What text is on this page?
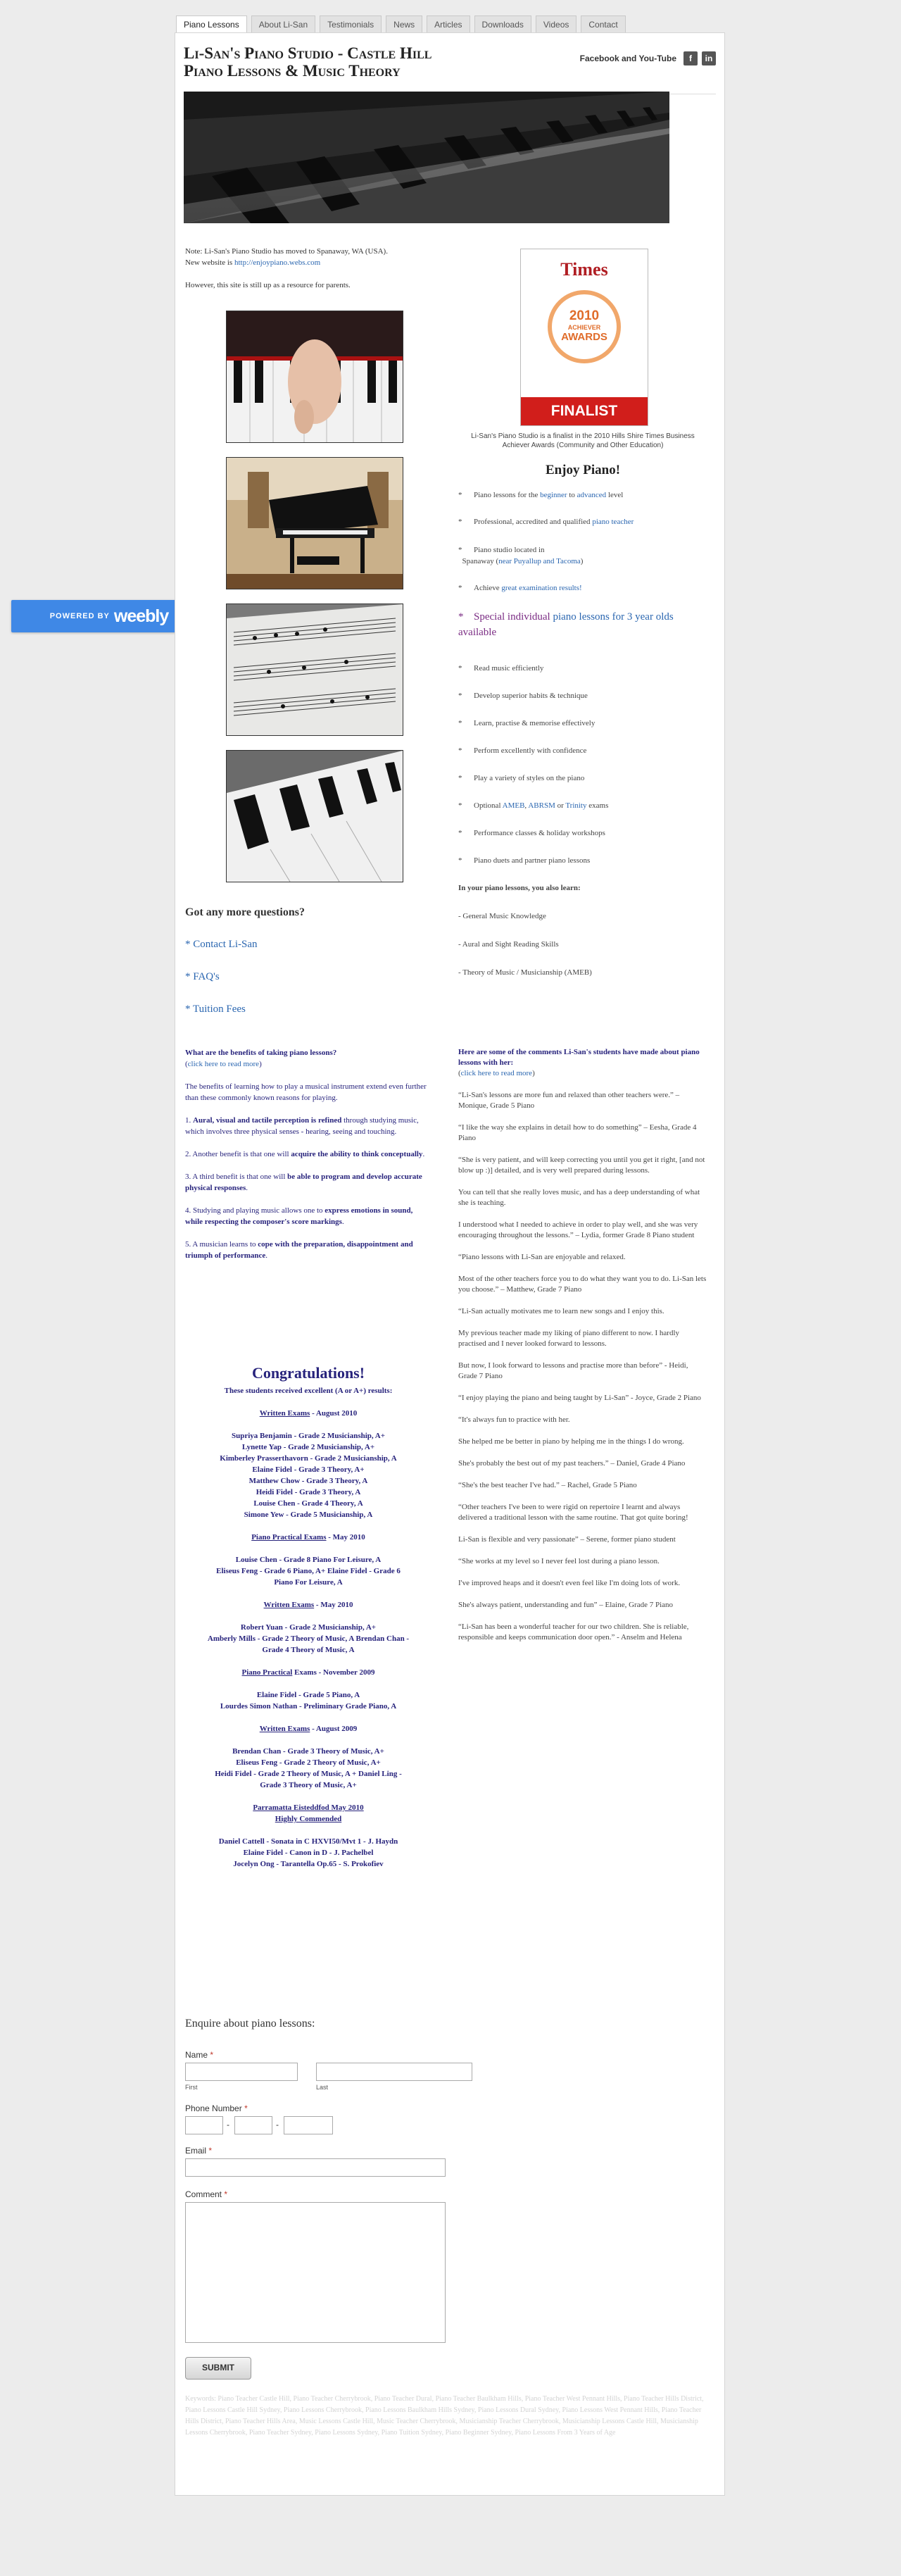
POWERED BY weebly
Piano Lessons	About Li-San	Testimonials	News	Articles	Downloads	Videos	Contact
Li-San's Piano Studio - Castle Hill
Piano Lessons & Music Theory
Facebook and You-Tube	f	in
Note: Li-San's Piano Studio has moved to Spanaway, WA (USA).
New website is http://enjoypiano.webs.com
However, this site is still up as a resource for parents.
Times
2010
ACHIEVER
AWARDS
FINALIST
Li-San's Piano Studio is a finalist in the 2010 Hills Shire Times Business Achiever Awards (Community and Other Education)
Enjoy Piano!
* Piano lessons for the beginner to advanced level
* Professional, accredited and qualified piano teacher
* Piano studio located in
Spanaway (near Puyallup and Tacoma)
* Achieve great examination results!
* Special individual piano lessons for 3 year olds available
* Read music efficiently
* Develop superior habits & technique
* Learn, practise & memorise effectively
* Perform excellently with confidence
* Play a variety of styles on the piano
* Optional AMEB, ABRSM or Trinity exams
* Performance classes & holiday workshops
* Piano duets and partner piano lessons
In your piano lessons, you also learn:
- General Music Knowledge
- Aural and Sight Reading Skills
- Theory of Music / Musicianship (AMEB)
Got any more questions?
* Contact Li-San
* FAQ's
* Tuition Fees
What are the benefits of taking piano lessons?
(click here to read more)
The benefits of learning how to play a musical instrument extend even further than these commonly known reasons for playing.
1. Aural, visual and tactile perception is refined through studying music, which involves three physical senses - hearing, seeing and touching.
2. Another benefit is that one will acquire the ability to think conceptually.
3. A third benefit is that one will be able to program and develop accurate physical responses.
4. Studying and playing music allows one to express emotions in sound, while respecting the composer's score markings.
5. A musician learns to cope with the preparation, disappointment and triumph of performance.
Congratulations!
These students received excellent (A or A+) results:
Written Exams - August 2010
Supriya Benjamin - Grade 2 Musicianship, A+
Lynette Yap - Grade 2 Musicianship, A+
Kimberley Prasserthavorn - Grade 2 Musicianship, A
Elaine Fidel - Grade 3 Theory, A+
Matthew Chow - Grade 3 Theory, A
Heidi Fidel - Grade 3 Theory, A
Louise Chen - Grade 4 Theory, A
Simone Yew - Grade 5 Musicianship, A
Piano Practical Exams - May 2010
Louise Chen - Grade 8 Piano For Leisure, A
Eliseus Feng - Grade 6 Piano, A+ Elaine Fidel - Grade 6
Piano For Leisure, A
Written Exams - May 2010
Robert Yuan - Grade 2 Musicianship, A+
Amberly Mills - Grade 2 Theory of Music, A Brendan Chan -
Grade 4 Theory of Music, A
Piano Practical Exams - November 2009
Elaine Fidel - Grade 5 Piano, A
Lourdes Simon Nathan - Preliminary Grade Piano, A
Written Exams - August 2009
Brendan Chan - Grade 3 Theory of Music, A+
Eliseus Feng - Grade 2 Theory of Music, A+
Heidi Fidel - Grade 2 Theory of Music, A + Daniel Ling -
Grade 3 Theory of Music, A+
Parramatta Eisteddfod May 2010
Highly Commended
Daniel Cattell - Sonata in C HXVI50/Mvt 1 - J. Haydn
Elaine Fidel - Canon in D - J. Pachelbel
Jocelyn Ong - Tarantella Op.65 - S. Prokofiev
Here are some of the comments Li-San's students have made about piano lessons with her:
(click here to read more)
“Li-San's lessons are more fun and relaxed than other teachers were.” – Monique, Grade 5 Piano
“I like the way she explains in detail how to do something” – Eesha, Grade 4 Piano
“She is very patient, and will keep correcting you until you get it right, [and not blow up :)] detailed, and is very well prepared during lessons.
You can tell that she really loves music, and has a deep understanding of what she is teaching.
I understood what I needed to achieve in order to play well, and she was very encouraging throughout the lessons.” – Lydia, former Grade 8 Piano student
“Piano lessons with Li-San are enjoyable and relaxed.
Most of the other teachers force you to do what they want you to do. Li-San lets you choose.” – Matthew, Grade 7 Piano
“Li-San actually motivates me to learn new songs and I enjoy this.
My previous teacher made my liking of piano different to now. I hardly practised and I never looked forward to lessons.
But now, I look forward to lessons and practise more than before” - Heidi, Grade 7 Piano
“I enjoy playing the piano and being taught by Li-San” - Joyce, Grade 2 Piano
“It's always fun to practice with her.
She helped me be better in piano by helping me in the things I do wrong.
She's probably the best out of my past teachers.” – Daniel, Grade 4 Piano
“She's the best teacher I've had.” – Rachel, Grade 5 Piano
“Other teachers I've been to were rigid on repertoire I learnt and always delivered a traditional lesson with the same routine. That got quite boring!
Li-San is flexible and very passionate” – Serene, former piano student
“She works at my level so I never feel lost during a piano lesson.
I've improved heaps and it doesn't even feel like I'm doing lots of work.
She's always patient, understanding and fun” – Elaine, Grade 7 Piano
“Li-San has been a wonderful teacher for our two children. She is reliable, responsible and keeps communication door open.” - Anselm and Helena
Enquire about piano lessons:
Name *
First	Last
Phone Number *
-	-
Email *
Comment *
SUBMIT
Keywords: Piano Teacher Castle Hill, Piano Teacher Cherrybrook, Piano Teacher Dural, Piano Teacher Baulkham Hills, Piano Teacher West Pennant Hills, Piano Teacher Hills District, Piano Lessons Castle Hill Sydney, Piano Lessons Cherrybrook, Piano Lessons Baulkham Hills Sydney, Piano Lessons Dural Sydney, Piano Lessons West Pennant Hills, Piano Teacher Hills District, Piano Teacher Hills Area, Music Lessons Castle Hill, Music Teacher Cherrybrook, Musicianship Teacher Cherrybrook, Musicianship Lessons Castle Hill, Musicianship Lessons Cherrybrook, Piano Teacher Sydney, Piano Lessons Sydney, Piano Tuition Sydney, Piano Beginner Sydney, Piano Lessons From 3 Years of Age
